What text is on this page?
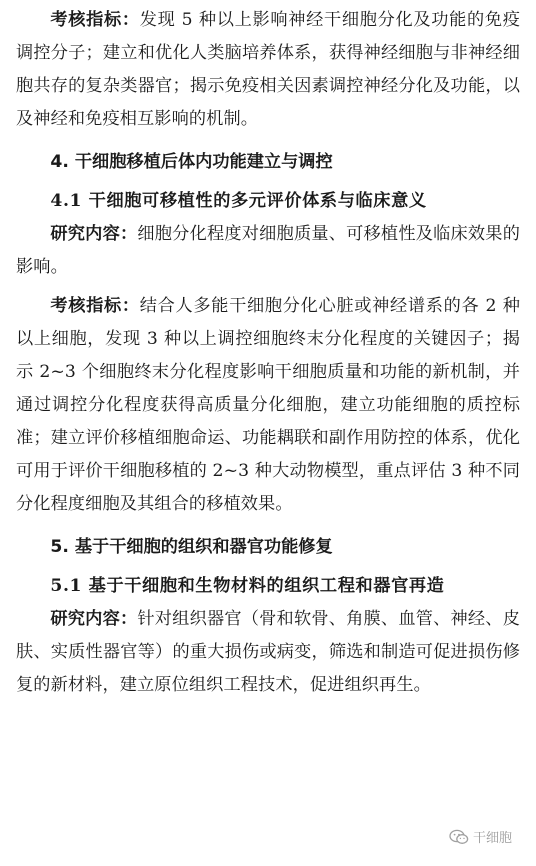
考核指标：发现 5 种以上影响神经干细胞分化及功能的免疫调控分子；建立和优化人类脑培养体系，获得神经细胞与非神经细胞共存的复杂类器官；揭示免疫相关因素调控神经分化及功能，以及神经和免疫相互影响的机制。

4. 干细胞移植后体内功能建立与调控
4.1 干细胞可移植性的多元评价体系与临床意义

研究内容：细胞分化程度对细胞质量、可移植性及临床效果的影响。

考核指标：结合人多能干细胞分化心脏或神经谱系的各 2 种以上细胞，发现 3 种以上调控细胞终末分化程度的关键因子；揭示 2~3 个细胞终末分化程度影响干细胞质量和功能的新机制，并通过调控分化程度获得高质量分化细胞，建立功能细胞的质控标准；建立评价移植细胞命运、功能耦联和副作用防控的体系，优化可用于评价干细胞移植的 2~3 种大动物模型，重点评估 3 种不同分化程度细胞及其组合的移植效果。

5. 基于干细胞的组织和器官功能修复
5.1 基于干细胞和生物材料的组织工程和器官再造

研究内容：针对组织器官（骨和软骨、角膜、血管、神经、皮肤、实质性器官等）的重大损伤或病变，筛选和制造可促进损伤修复的新材料，建立原位组织工程技术，促进组织再生。

干细胞
